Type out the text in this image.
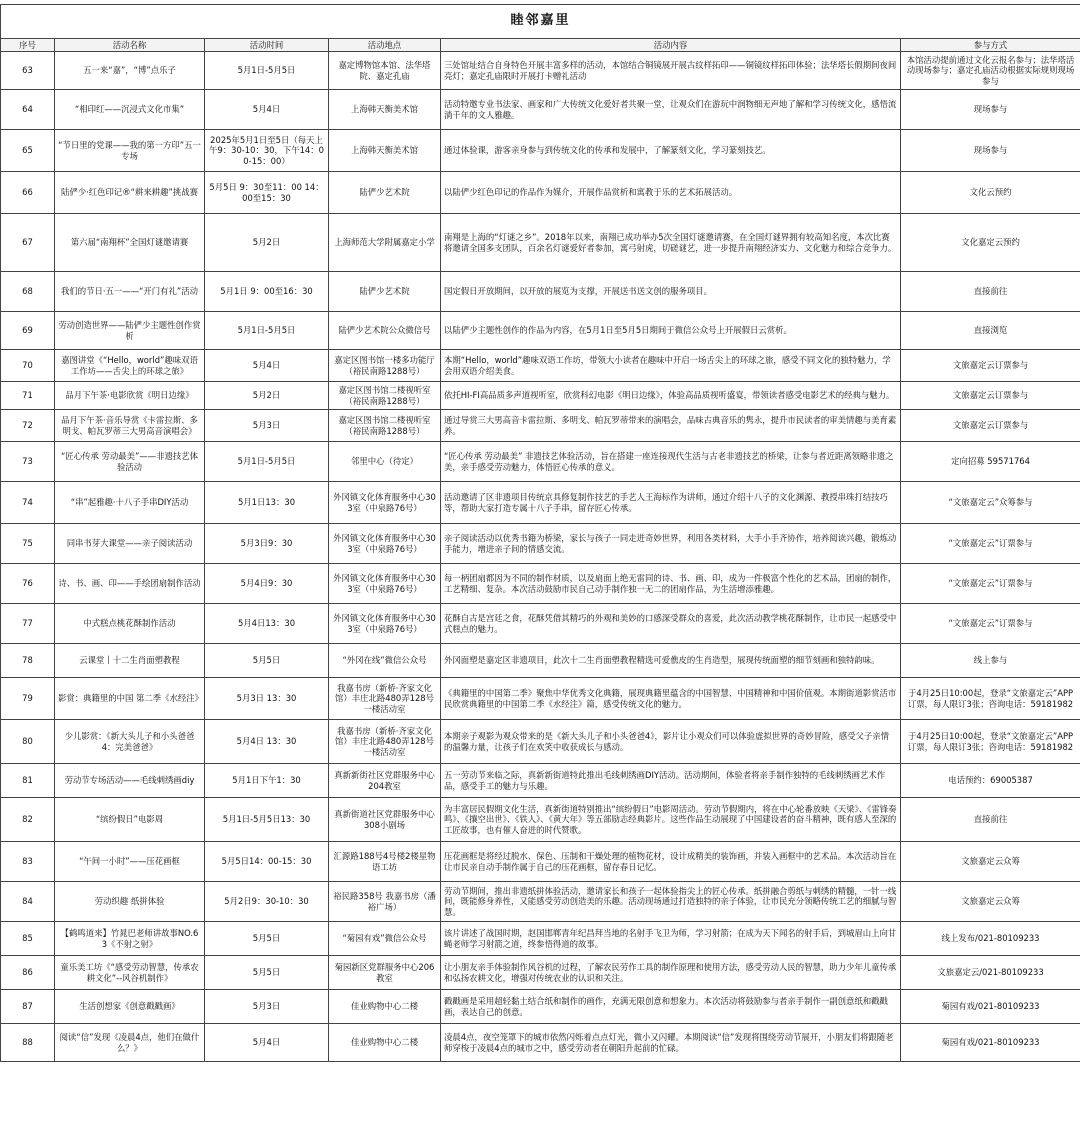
睦邻嘉里					
序号	活动名称	活动时间	活动地点	活动内容	参与方式
63	五一来“嘉”，“博”点乐子	5月1日-5月5日	嘉定博物馆本馆、法华塔院、嘉定孔庙	三处馆址结合自身特色开展丰富多样的活动，本馆结合铜镜展开展古纹样拓印——铜镜纹样拓印体验；法华塔长假期间夜间亮灯；嘉定孔庙限时开展打卡赠礼活动	本馆活动提前通过文化云报名参与；法华塔活动现场参与；嘉定孔庙活动根据实际规则现场参与
64	“相印红——沉浸式文化市集”	5月4日	上海韩天衡美术馆	活动特邀专业书法家、画家和广大传统文化爱好者共聚一堂，让观众们在游玩中润物细无声地了解和学习传统文化，感悟流淌千年的文人雅趣。	现场参与
65	“节日里的党课——我的第一方印”五一专场	2025年5月1日至5日（每天上午9：30-10：30，下午14：00-15：00）	上海韩天衡美术馆	通过体验课，游客亲身参与到传统文化的传承和发展中，了解篆刻文化，学习篆刻技艺。	现场参与
66	陆俨少·红色印记®“耕来耕趣”挑战赛	5月5日 9：30至11：00 14：00至15：30	陆俨少艺术院	以陆俨少红色印记的作品作为媒介，开展作品赏析和寓教于乐的艺术拓展活动。	文化云预约
67	第六届“南翔杯”全国灯谜邀请赛	5月2日	上海师范大学附属嘉定小学	南翔是上海的“灯谜之乡”。2018年以来，南翔已成功举办5次全国灯谜邀请赛，在全国灯谜界拥有较高知名度，本次比赛将邀请全国多支团队，百余名灯谜爱好者参加，寓弓射虎，切磋谜艺，进一步提升南翔经济实力、文化魅力和综合竞争力。	文化嘉定云预约
68	我们的节日·五一——“开门有礼”活动	5月1日 9：00至16：30	陆俨少艺术院	国定假日开放期间，以开放的展览为支撑，开展送书送文创的服务项目。	直接前往
69	劳动创造世界——陆俨少主题性创作赏析	5月1日-5月5日	陆俨少艺术院公众微信号	以陆俨少主题性创作的作品为内容，在5月1日至5月5日期间于微信公众号上开展假日云赏析。	直接浏览
70	嘉图讲堂《“Hello，world”趣味双语工作坊——舌尖上的环球之旅》	5月4日	嘉定区图书馆一楼多功能厅（裕民南路1288号）	本期“Hello，world”趣味双语工作坊，带领大小读者在趣味中开启一场舌尖上的环球之旅，感受不同文化的独特魅力，学会用双语介绍美食。	文旅嘉定云订票参与
71	品月下午茶·电影欣赏《明日边缘》	5月2日	嘉定区图书馆二楼视听室（裕民南路1288号）	依托HI-FI高品质多声道视听室，欣赏科幻电影《明日边缘》，体验高品质视听盛宴，带领读者感受电影艺术的经典与魅力。	文旅嘉定云订票参与
72	品月下午茶·音乐导赏《卡雷拉斯、多明戈、帕瓦罗蒂三大男高音演唱会》	5月3日	嘉定区图书馆二楼视听室（裕民南路1288号）	通过导赏三大男高音卡雷拉斯、多明戈、帕瓦罗蒂带来的演唱会，品味古典音乐的隽永，提升市民读者的审美情趣与美育素养。	文旅嘉定云订票参与
73	“匠心传承 劳动最美”——非遗技艺体验活动	5月1日-5月5日	邻里中心（待定）	“匠心传承 劳动最美” 非遗技艺体验活动，旨在搭建一座连接现代生活与古老非遗技艺的桥梁，让参与者近距离领略非遗之美，亲手感受劳动魅力，体悟匠心传承的意义。	定向招募 59571764
74	“串”起雅趣·十八子手串DIY活动	5月1日13：30	外冈镇文化体育服务中心303室（中泉路76号）	活动邀请了区非遗项目传统京具修复制作技艺的手艺人王海标作为讲师，通过介绍十八子的文化渊源、教授串珠打结技巧等，帮助大家打造专属十八子手串，留存匠心传承。	“文旅嘉定云”众筹参与
75	同串书芽大课堂——亲子阅读活动	5月3日9：30	外冈镇文化体育服务中心303室（中泉路76号）	亲子阅读活动以优秀书籍为桥梁，家长与孩子一同走进奇妙世界，利用各类材料，大手小手齐协作，培养阅读兴趣，锻炼动手能力，增进亲子间的情感交流。	“文旅嘉定云”订票参与
76	诗、书、画、印——手绘团扇制作活动	5月4日9：30	外冈镇文化体育服务中心303室（中泉路76号）	每一柄团扇都因为不同的制作材质，以及扇面上绝无雷同的诗、书、画、印，成为一件极富个性化的艺术品，团扇的制作，工艺精细、复杂。本次活动鼓励市民自己动手制作独一无二的团扇作品，为生活增添雅趣。	“文旅嘉定云”订票参与
77	中式糕点桃花酥制作活动	5月4日13：30	外冈镇文化体育服务中心303室（中泉路76号）	花酥自古是宫廷之食，花酥凭借其精巧的外观和美妙的口感深受群众的喜爱，此次活动教学桃花酥制作，让市民一起感受中式糕点的魅力。	“文旅嘉定云”订票参与
78	云课堂丨十二生肖面塑教程	5月5日	“外冈在线”微信公众号	外冈面塑是嘉定区非遗项目，此次十二生肖面塑教程精选可爱僬皮的生肖造型，展现传统面塑的细节刻画和独特韵味。	线上参与
79	影赏：典籍里的中国 第二季《水经注》	5月3日 13：30	我嘉书房（新桥·齐家文化馆）丰庄北路480弄128号一楼活动室	《典籍里的中国第二季》聚焦中华优秀文化典籍，展现典籍里蕴含的中国智慧、中国精神和中国价值观。本期街道影赏活市民欣赏典籍里的中国第二季《水经注》篇，感受传统文化的魅力。	于4月25日10:00起，登录“文旅嘉定云”APP订票，每人限订3张；咨询电话：59181982
80	少儿影赏：《新大头儿子和小头爸爸4：完美爸爸》	5月4日 13：30	我嘉书房（新桥·齐家文化馆）丰庄北路480弄128号一楼活动室	本期亲子观影为观众带来的是《新大头儿子和小头爸爸4》，影片让小观众们可以体验虚拟世界的奇妙冒险，感受父子亲情的温馨力量，让孩子们在欢笑中收获成长与感动。	于4月25日10:00起，登录“文旅嘉定云”APP订票，每人限订3张；咨询电话：59181982
81	劳动节专场活动——毛线刺绣画diy	5月1日下午1：30	真新新街社区党群服务中心204教室	五一劳动节来临之际，真新新街道特此推出毛线刺绣画DIY活动。活动期间，体验者将亲手制作独特的毛线刺绣画艺术作品，感受手工的魅力与乐趣。	电话预约：69005387
82	“缤纷假日”电影周	5月1日-5月5日13：30	真新街道社区党群服务中心308小剧场	为丰富居民假期文化生活，真新街道特别推出“缤纷假日”电影周活动。劳动节假期内，将在中心轮番放映《天梁》、《雷锋奏鸣》、《攘空出世》、《铁人》、《黄大年》等五部励志经典影片。这些作品生动展现了中国建设者的奋斗精神，既有感人至深的工匠故事，也有催人奋进的时代赞歌。	直接前往
83	“午间一小时”——压花画框	5月5日14：00-15：30	汇源路188号4号楼2楼星物语工坊	压花画框是将经过脱水、保色、压制和干燥处理的植物花材，设计成精美的装饰画，并装入画框中的艺术品。本次活动旨在让市民亲自动手制作属于自己的压花画框，留存春日记忆。	文旅嘉定云众筹
84	劳动织趣 纸拼体验	5月2日9：30-10：30	裕民路358号 我嘉书房（潘裕广场）	劳动节期间，推出非遗纸拼体验活动，邀请家长和孩子一起体验指尖上的匠心传承。纸拼融合剪纸与刺绣的精髓，一针一线间，既能修身养性，又能感受劳动创造美的乐趣。活动现场通过打造独特的亲子体验，让市民充分领略传统工艺的细腻与智慧。	文旅嘉定云众筹
85	【鹤鸣道来】竹晁巴老师讲故事NO.63《不射之射》	5月5日	“菊园有戏”微信公众号	该片讲述了战国时期，赵国邯郸青年纪昌拜当地的名射手飞卫为师，学习射箭；在成为天下闻名的射手后，到城眉山上向甘蝇老师学习射箭之道，终参悟得道的故事。	线上发布/021-80109233
86	童乐美工坊《“感受劳动智慧，传承农耕文化”--风谷机制作》	5月5日	菊园新区党群服务中心206教室	让小朋友亲手体验制作风谷机的过程，了解农民劳作工具的制作原理和使用方法，感受劳动人民的智慧，助力少年儿童传承和弘扬农耕文化，增强对传统农业的认识和关注。	文旅嘉定云/021-80109233
87	生活创想家《创意戳戳画》	5月3日	佳业购物中心二楼	戳戳画是采用超轻黏土结合纸和制作的画作，充满无限创意和想象力。本次活动将鼓励参与者亲手制作一副创意纸和戳戳画，表达自己的创意。	菊园有戏/021-80109233
88	阅读“信”发现《凌晨4点，他们在做什么？》	5月4日	佳业购物中心二楼	凌晨4点，夜空笼罩下的城市依然闪烁着点点灯光，微小又闪耀。本期阅读“信”发现将围绕劳动节展开，小朋友们将跟随老师穿梭于凌晨4点的城市之中，感受劳动者在朝阳升起前的忙碌。	菊园有戏/021-80109233
